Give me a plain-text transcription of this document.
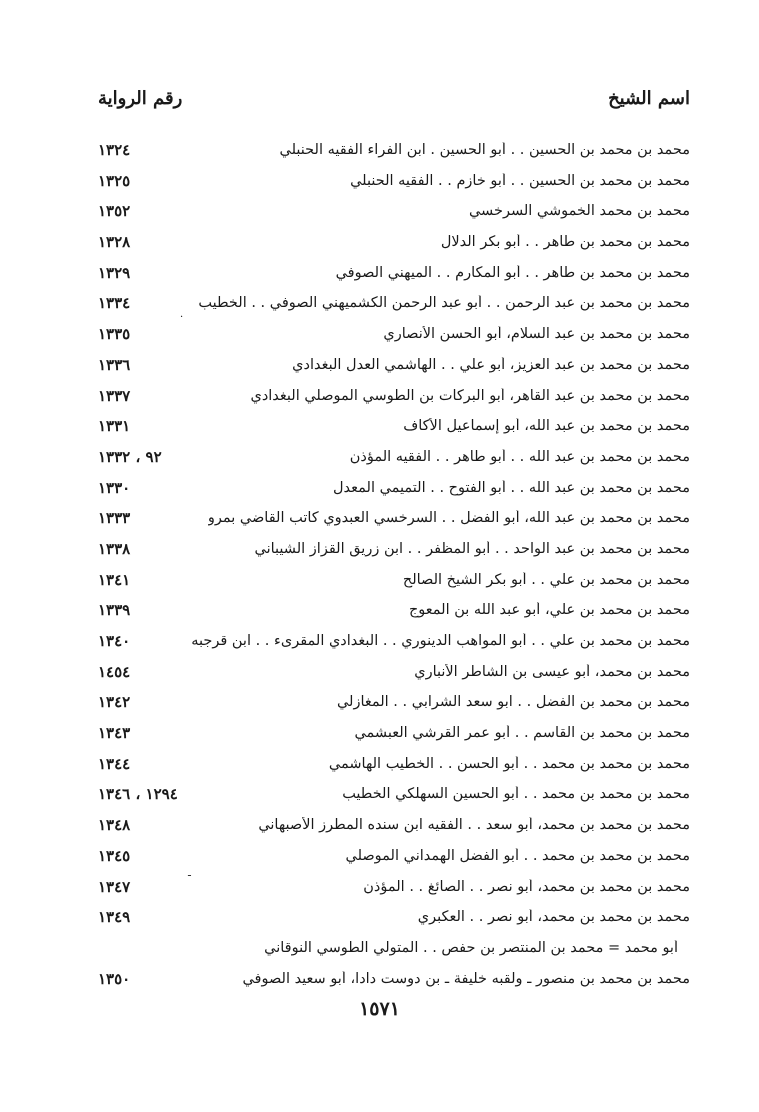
اسم الشيخ
رقم الرواية
محمد بن محمد بن الحسين . . أبو الحسين . ابن الفراء الفقيه الحنبلي
١٣٢٤
محمد بن محمد بن الحسين . . أبو خازم . . الفقيه الحنبلي
١٣٢٥
محمد بن محمد الخموشي السرخسي
١٣٥٢
محمد بن محمد بن طاهر . . أبو بكر الدلال
١٣٢٨
محمد بن محمد بن طاهر . . أبو المكارم . . الميهني الصوفي
١٣٢٩
محمد بن محمد بن عبد الرحمن . . أبو عبد الرحمن الكشميهني الصوفي . . الخطيب
١٣٣٤
محمد بن محمد بن عبد السلام، أبو الحسن الأنصاري
١٣٣٥
محمد بن محمد بن عبد العزيز، أبو علي . . الهاشمي العدل البغدادي
١٣٣٦
محمد بن محمد بن عبد القاهر، أبو البركات بن الطوسي الموصلي البغدادي
١٣٣٧
محمد بن محمد بن عبد الله، أبو إسماعيل الأكاف
١٣٣١
محمد بن محمد بن عبد الله . . أبو طاهر . . الفقيه المؤذن
٩٢ ، ١٣٣٢
محمد بن محمد بن عبد الله . . أبو الفتوح . . التميمي المعدل
١٣٣٠
محمد بن محمد بن عبد الله، أبو الفضل . . السرخسي العبدوي كاتب القاضي بمرو
١٣٣٣
محمد بن محمد بن عبد الواحد . . أبو المظفر . . ابن زريق القزاز الشيباني
١٣٣٨
محمد بن محمد بن علي . . أبو بكر الشيخ الصالح
١٣٤١
محمد بن محمد بن علي، أبو عبد الله بن المعوج
١٣٣٩
محمد بن محمد بن علي . . أبو المواهب الدينوري . . البغدادي المقرىء . . ابن قرجبه
١٣٤٠
محمد بن محمد، أبو عيسى بن الشاطر الأنباري
١٤٥٤
محمد بن محمد بن الفضل . . ابو سعد الشرابي . . المغازلي
١٣٤٢
محمد بن محمد بن القاسم . . أبو عمر القرشي العبشمي
١٣٤٣
محمد بن محمد بن محمد . . أبو الحسن . . الخطيب الهاشمي
١٣٤٤
محمد بن محمد بن محمد . . أبو الحسين السهلكي الخطيب
١٢٩٤ ، ١٣٤٦
محمد بن محمد بن محمد، أبو سعد . . الفقيه ابن سنده المطرز الأصبهاني
١٣٤٨
محمد بن محمد بن محمد . . أبو الفضل الهمداني الموصلي
١٣٤٥
محمد بن محمد بن محمد، أبو نصر . . الصائغ . . المؤذن
١٣٤٧
محمد بن محمد بن محمد، أبو نصر . . العكبري
١٣٤٩
أبو محمد = محمد بن المنتصر بن حفص . . المتولي الطوسي النوقاني
محمد بن محمد بن منصور ـ ولقبه خليفة ـ بن دوست دادا، أبو سعيد الصوفي
١٣٥٠
·
ـ
١٥٧١
